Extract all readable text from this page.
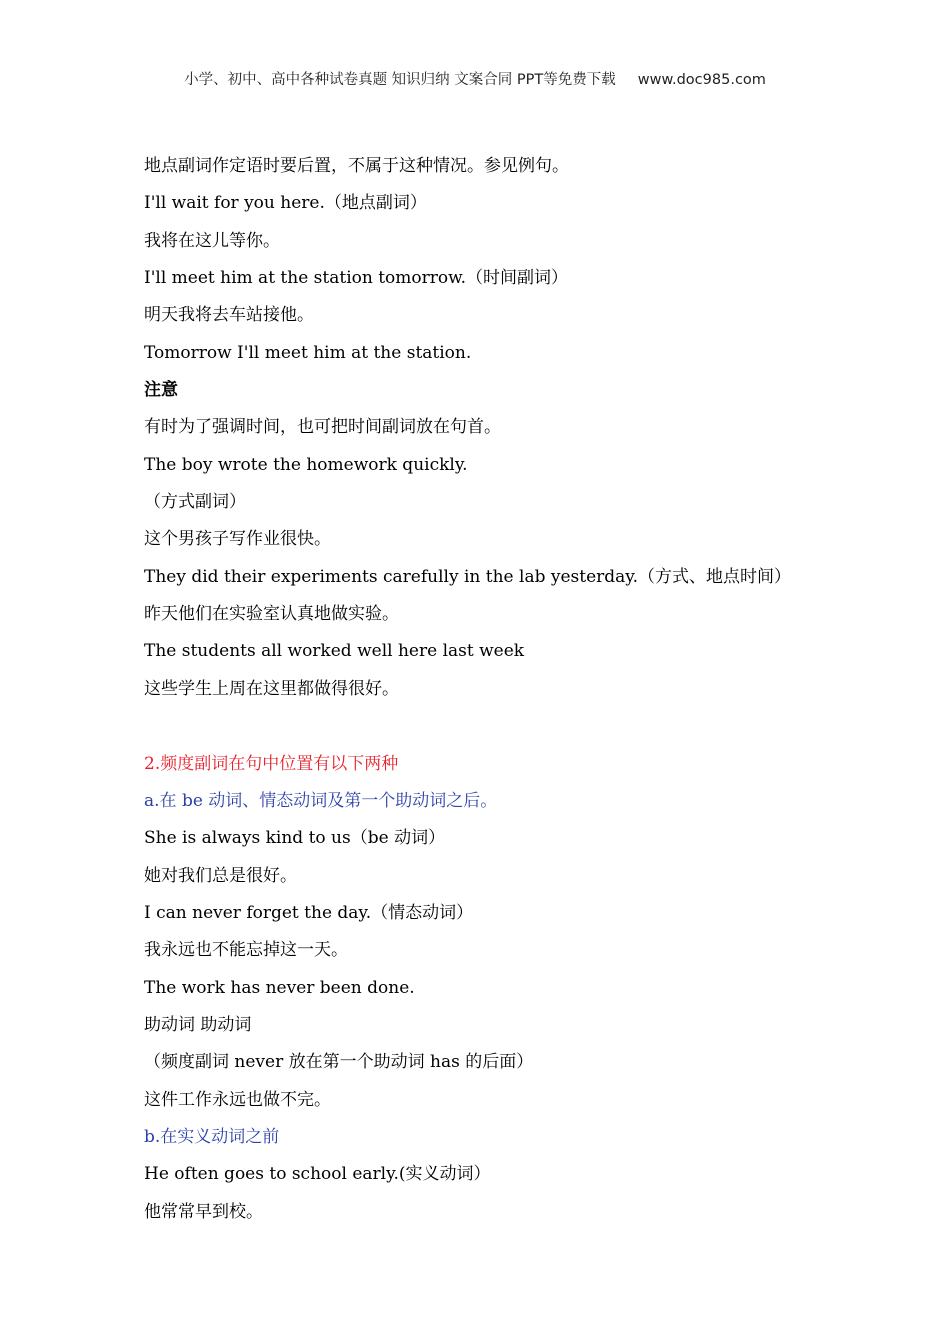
小学、初中、高中各种试卷真题 知识归纳 文案合同 PPT等免费下载 www.doc985.com
地点副词作定语时要后置，不属于这种情况。参见例句。
I'll wait for you here.（地点副词）
我将在这儿等你。
I'll meet him at the station tomorrow.（时间副词）
明天我将去车站接他。
Tomorrow I'll meet him at the station.
注意
有时为了强调时间，也可把时间副词放在句首。
The boy wrote the homework quickly.
（方式副词）
这个男孩子写作业很快。
They did their experiments carefully in the lab yesterday.（方式、地点时间）
昨天他们在实验室认真地做实验。
The students all worked well here last week
这些学生上周在这里都做得很好。
2.频度副词在句中位置有以下两种
a.在 be 动词、情态动词及第一个助动词之后。
She is always kind to us（be 动词）
她对我们总是很好。
I can never forget the day.（情态动词）
我永远也不能忘掉这一天。
The work has never been done.
助动词 助动词
（频度副词 never 放在第一个助动词 has 的后面）
这件工作永远也做不完。
b.在实义动词之前
He often goes to school early.(实义动词）
他常常早到校。
